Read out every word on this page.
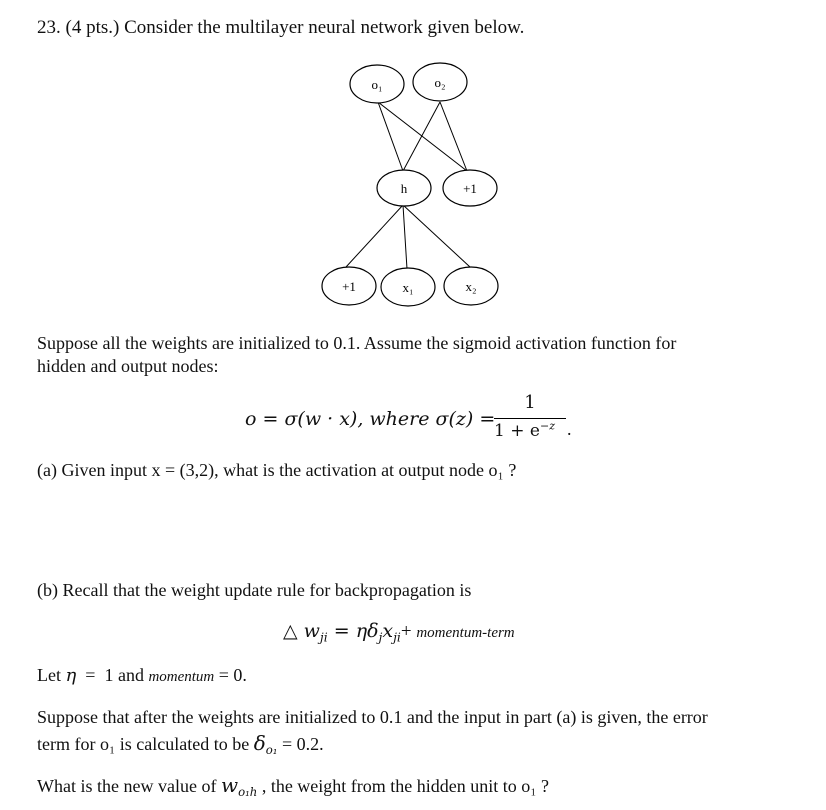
23. (4 pts.) Consider the multilayer neural network given below.
o₁	o₂
h	+1
+1	x₁	x₂
Suppose all the weights are initialized to 0.1. Assume the sigmoid activation function for
hidden and output nodes:
o = σ(w · x), where σ(z) =
1
$1 + e^{-z}$ .
(a) Given input x = (3,2), what is the activation at output node o₁ ?
(b) Recall that the weight update rule for backpropagation is
△ $w_{ji} = \eta\delta_jx_{ji}+$ momentum-term
Let η  =  1 and momentum = 0.
Suppose that after the weights are initialized to 0.1 and the input in part (a) is given, the error
term for o₁ is calculated to be $\delta_{o_1} = 0.2$.
What is the new value of $w_{o_1h}$ , the weight from the hidden unit to o₁ ?
